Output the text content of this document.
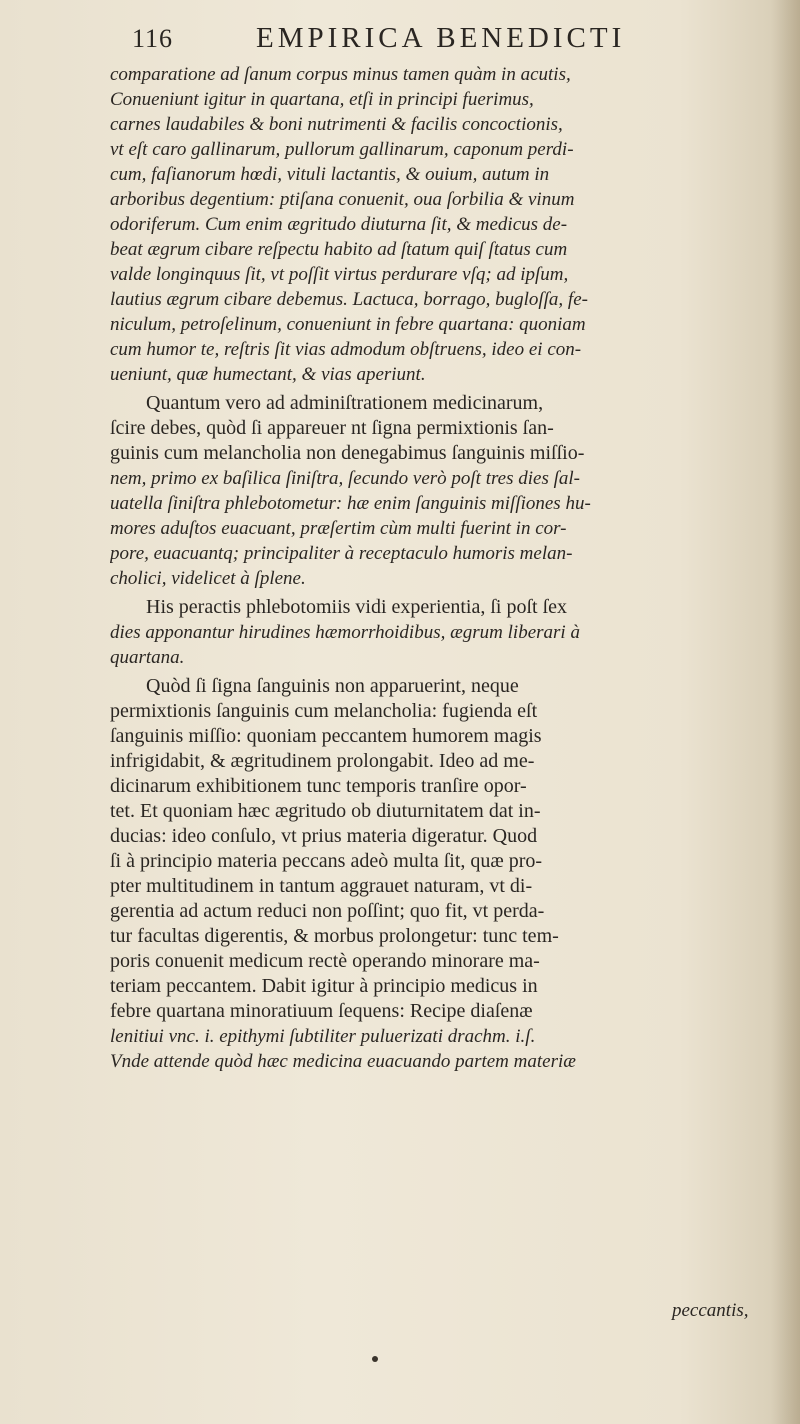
116	EMPIRICA BENEDICTI
comparatione ad ſanum corpus minus tamen quàm in acutis,
Conueniunt igitur in quartana, etſi in principi fuerimus,
carnes laudabiles & boni nutrimenti & facilis concoctionis,
vt eſt caro gallinarum, pullorum gallinarum, caponum perdi-
cum, faſianorum hœdi, vituli lactantis, & ouium, autum in
arboribus degentium: ptiſana conuenit, oua ſorbilia & vinum
odoriferum. Cum enim ægritudo diuturna ſit, & medicus de-
beat ægrum cibare reſpectu habito ad ſtatum quiſ ſtatus cum
valde longinquus ſit, vt poſſit virtus perdurare vſq; ad ipſum,
lautius ægrum cibare debemus. Lactuca, borrago, bugloſſa, fe-
niculum, petroſelinum, conueniunt in febre quartana: quoniam
cum humor te, reſtris ſit vias admodum obſtruens, ideo ei con-
ueniunt, quæ humectant, & vias aperiunt.
Quantum vero ad adminiſtrationem medicinarum,
ſcire debes, quòd ſi appareuer nt ſigna permixtionis ſan-
guinis cum melancholia non denegabimus ſanguinis miſſio-
nem, primo ex baſilica ſiniſtra, ſecundo verò poſt tres dies ſal-
uatella ſiniſtra phlebotometur: hæ enim ſanguinis miſſiones hu-
mores aduſtos euacuant, præſertim cùm multi fuerint in cor-
pore, euacuantq; principaliter à receptaculo humoris melan-
cholici, videlicet à ſplene.
His peractis phlebotomiis vidi experientia, ſi poſt ſex
dies apponantur hirudines hæmorrhoidibus, ægrum liberari à
quartana.
Quòd ſi ſigna ſanguinis non apparuerint, neque
permixtionis ſanguinis cum melancholia: fugienda eſt
ſanguinis miſſio: quoniam peccantem humorem magis
infrigidabit, & ægritudinem prolongabit. Ideo ad me-
dicinarum exhibitionem tunc temporis tranſire opor-
tet. Et quoniam hæc ægritudo ob diuturnitatem dat in-
ducias: ideo conſulo, vt prius materia digeratur. Quod
ſi à principio materia peccans adeò multa ſit, quæ pro-
pter multitudinem in tantum aggrauet naturam, vt di-
gerentia ad actum reduci non poſſint; quo fit, vt perda-
tur facultas digerentis, & morbus prolongetur: tunc tem-
poris conuenit medicum rectè operando minorare ma-
teriam peccantem. Dabit igitur à principio medicus in
febre quartana minoratiuum ſequens: Recipe diaſenæ
lenitiui vnc. i. epithymi ſubtiliter puluerizati drachm. i.ſ.
Vnde attende quòd hæc medicina euacuando partem materiæ
peccantis,
